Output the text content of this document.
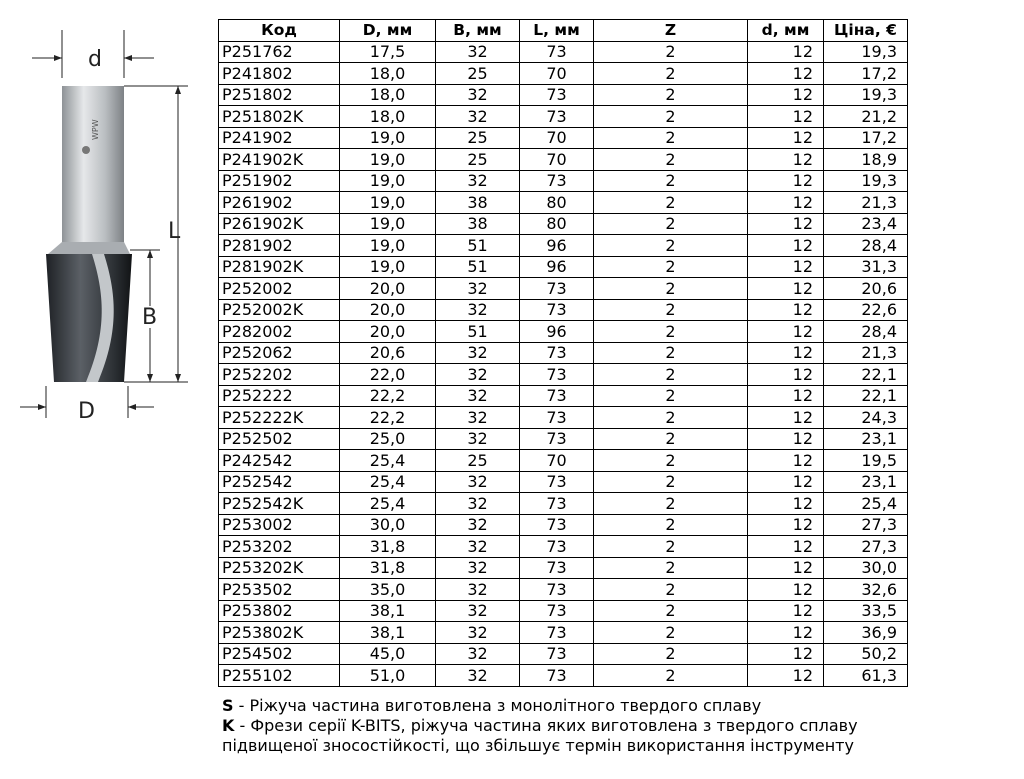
d
L
B
WPW
D
Код	D, мм	B, мм	L, мм	Z	d, мм	Ціна, €
P251762	17,5	32	73	2	12	19,3
P241802	18,0	25	70	2	12	17,2
P251802	18,0	32	73	2	12	19,3
P251802K	18,0	32	73	2	12	21,2
P241902	19,0	25	70	2	12	17,2
P241902K	19,0	25	70	2	12	18,9
P251902	19,0	32	73	2	12	19,3
P261902	19,0	38	80	2	12	21,3
P261902K	19,0	38	80	2	12	23,4
P281902	19,0	51	96	2	12	28,4
P281902K	19,0	51	96	2	12	31,3
P252002	20,0	32	73	2	12	20,6
P252002K	20,0	32	73	2	12	22,6
P282002	20,0	51	96	2	12	28,4
P252062	20,6	32	73	2	12	21,3
P252202	22,0	32	73	2	12	22,1
P252222	22,2	32	73	2	12	22,1
P252222K	22,2	32	73	2	12	24,3
P252502	25,0	32	73	2	12	23,1
P242542	25,4	25	70	2	12	19,5
P252542	25,4	32	73	2	12	23,1
P252542K	25,4	32	73	2	12	25,4
P253002	30,0	32	73	2	12	27,3
P253202	31,8	32	73	2	12	27,3
P253202K	31,8	32	73	2	12	30,0
P253502	35,0	32	73	2	12	32,6
P253802	38,1	32	73	2	12	33,5
P253802K	38,1	32	73	2	12	36,9
P254502	45,0	32	73	2	12	50,2
P255102	51,0	32	73	2	12	61,3

S - Ріжуча частина виготовлена з монолітного твердого сплаву

K - Фрези серії K-BITS, ріжуча частина яких виготовлена з твердого сплаву

підвищеної зносостійкості, що збільшує термін використання інструменту
